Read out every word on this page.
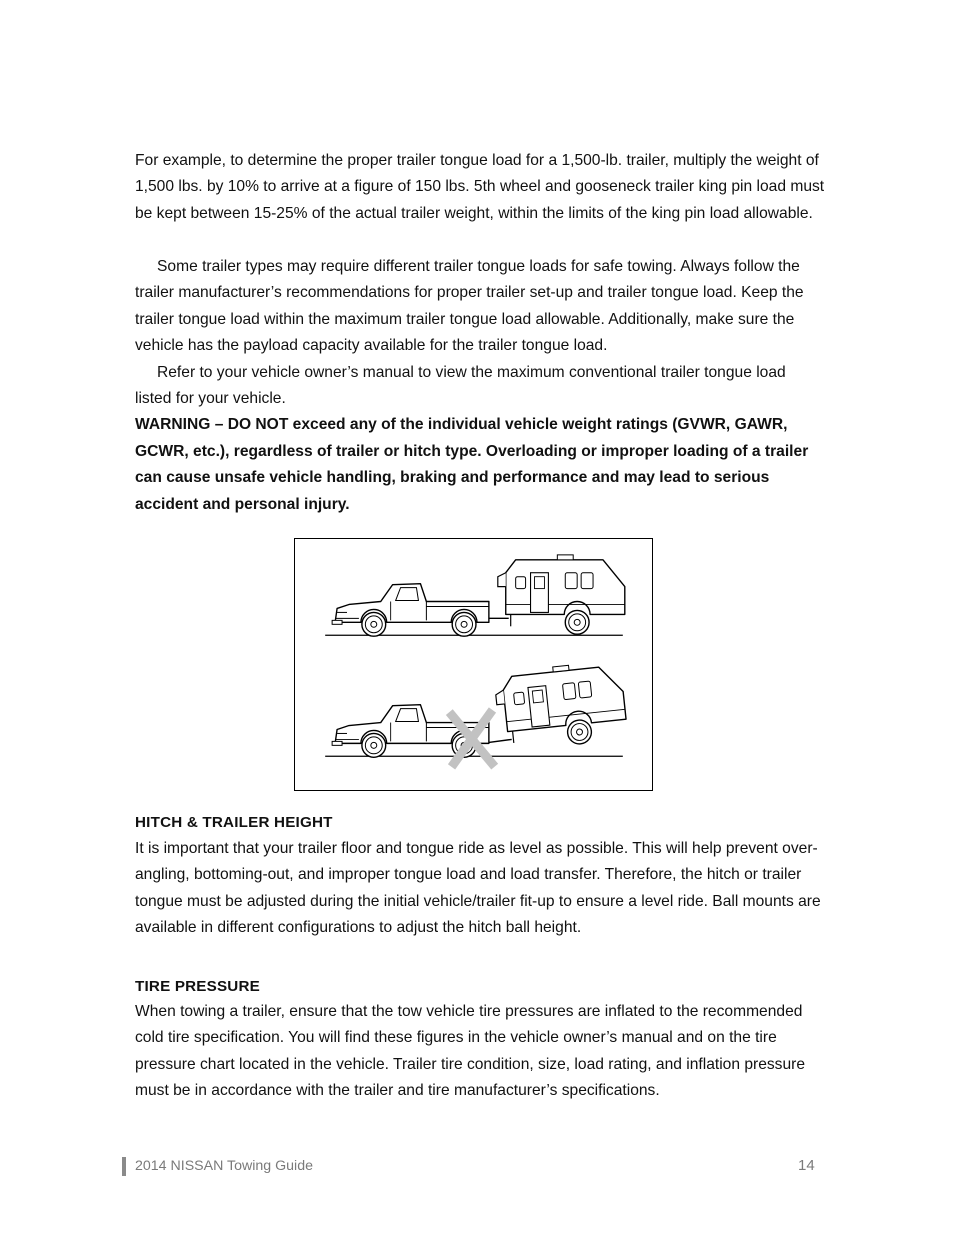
For example, to determine the proper trailer tongue load for a 1,500-lb. trailer, multiply the weight of 1,500 lbs. by 10% to arrive at a figure of 150 lbs. 5th wheel and gooseneck trailer king pin load must be kept between 15-25% of the actual trailer weight, within the limits of the king pin load allowable.
Some trailer types may require different trailer tongue loads for safe towing. Always follow the trailer manufacturer’s recommendations for proper trailer set-up and trailer tongue load. Keep the trailer tongue load within the maximum trailer tongue load allowable. Additionally, make sure the vehicle has the payload capacity available for the trailer tongue load.
Refer to your vehicle owner’s manual to view the maximum conventional trailer tongue load listed for your vehicle.
WARNING – DO NOT exceed any of the individual vehicle weight ratings (GVWR, GAWR, GCWR, etc.), regardless of trailer or hitch type. Overloading or improper loading of a trailer can cause unsafe vehicle handling, braking and performance and may lead to serious accident and personal injury.
HITCH & TRAILER HEIGHT
It is important that your trailer floor and tongue ride as level as possible. This will help prevent over-angling, bottoming-out, and improper tongue load and load transfer. Therefore, the hitch or trailer tongue must be adjusted during the initial vehicle/trailer fit-up to ensure a level ride. Ball mounts are available in different configurations to adjust the hitch ball height.
TIRE PRESSURE
When towing a trailer, ensure that the tow vehicle tire pressures are inflated to the recommended cold tire specification. You will find these figures in the vehicle owner’s manual and on the tire pressure chart located in the vehicle. Trailer tire condition, size, load rating, and inflation pressure must be in accordance with the trailer and tire manufacturer’s specifications.
2014 NISSAN Towing Guide	14
